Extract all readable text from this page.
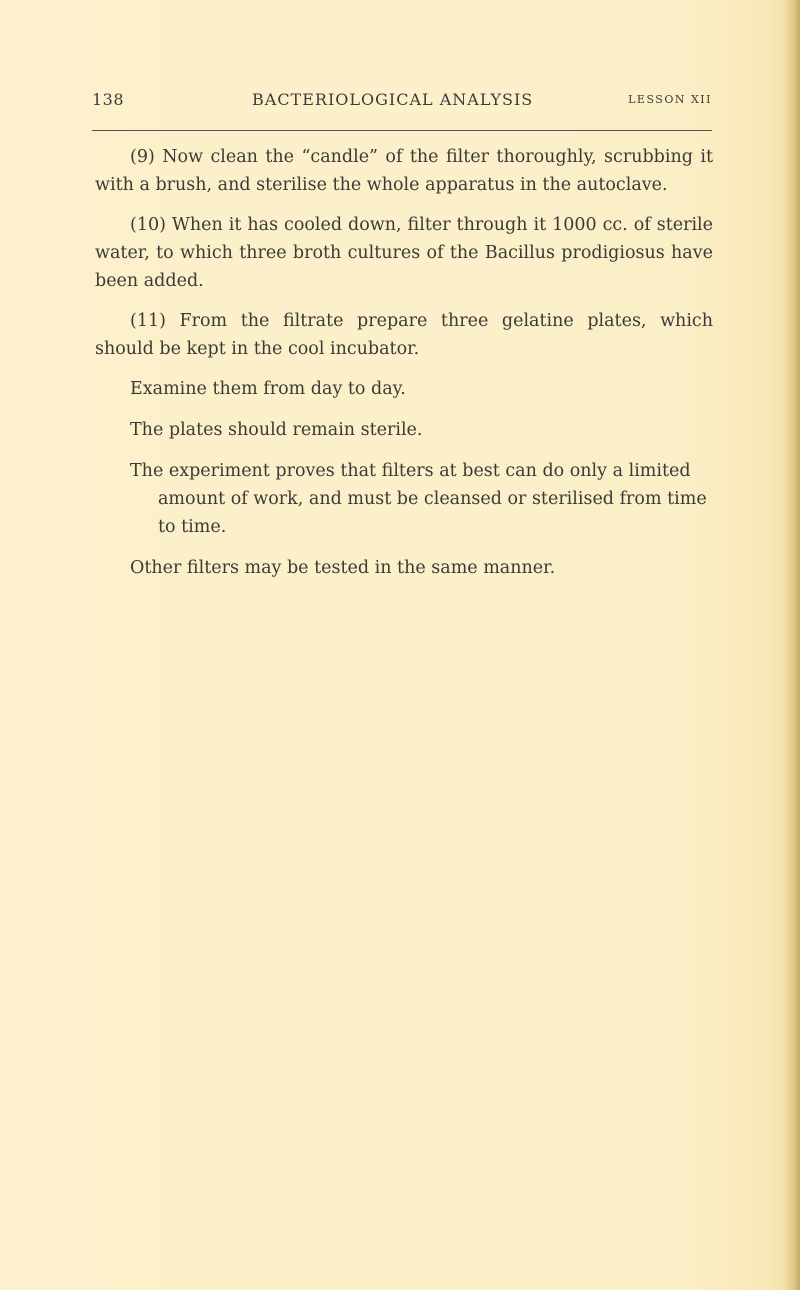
138	BACTERIOLOGICAL ANALYSIS	LESSON XII

(9) Now clean the “candle” of the filter thoroughly, scrubbing it with a brush, and sterilise the whole apparatus in the autoclave.

(10) When it has cooled down, filter through it 1000 cc. of sterile water, to which three broth cultures of the Bacillus prodigiosus have been added.

(11) From the filtrate prepare three gelatine plates, which should be kept in the cool incubator.

Examine them from day to day.

The plates should remain sterile.

The experiment proves that filters at best can do only a limited amount of work, and must be cleansed or sterilised from time to time.

Other filters may be tested in the same manner.
